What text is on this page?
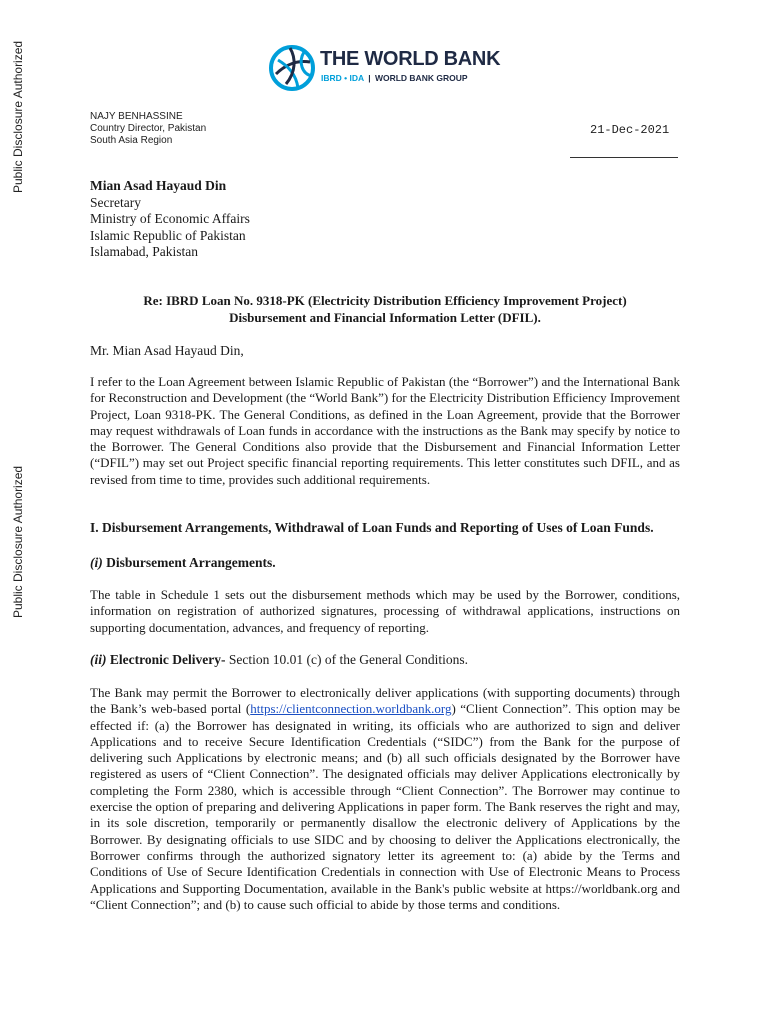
Public Disclosure Authorized
Public Disclosure Authorized
THE WORLD BANK
IBRD • IDA | WORLD BANK GROUP
NAJY BENHASSINE
Country Director, Pakistan
South Asia Region
21-Dec-2021
Mian Asad Hayaud Din
Secretary
Ministry of Economic Affairs
Islamic Republic of Pakistan
Islamabad, Pakistan
Re: IBRD Loan No. 9318-PK (Electricity Distribution Efficiency Improvement Project)
Disbursement and Financial Information Letter (DFIL).
Mr. Mian Asad Hayaud Din,
I refer to the Loan Agreement between Islamic Republic of Pakistan (the “Borrower”) and the International Bank for Reconstruction and Development (the “World Bank”) for the Electricity Distribution Efficiency Improvement Project, Loan 9318-PK. The General Conditions, as defined in the Loan Agreement, provide that the Borrower may request withdrawals of Loan funds in accordance with the instructions as the Bank may specify by notice to the Borrower. The General Conditions also provide that the Disbursement and Financial Information Letter (“DFIL”) may set out Project specific financial reporting requirements. This letter constitutes such DFIL, and as revised from time to time, provides such additional requirements.
I. Disbursement Arrangements, Withdrawal of Loan Funds and Reporting of Uses of Loan Funds.
(i) Disbursement Arrangements.
The table in Schedule 1 sets out the disbursement methods which may be used by the Borrower, conditions, information on registration of authorized signatures, processing of withdrawal applications, instructions on supporting documentation, advances, and frequency of reporting.
(ii) Electronic Delivery- Section 10.01 (c) of the General Conditions.
The Bank may permit the Borrower to electronically deliver applications (with supporting documents) through the Bank’s web-based portal (https://clientconnection.worldbank.org) “Client Connection”. This option may be effected if: (a) the Borrower has designated in writing, its officials who are authorized to sign and deliver Applications and to receive Secure Identification Credentials (“SIDC”) from the Bank for the purpose of delivering such Applications by electronic means; and (b) all such officials designated by the Borrower have registered as users of “Client Connection”. The designated officials may deliver Applications electronically by completing the Form 2380, which is accessible through “Client Connection”. The Borrower may continue to exercise the option of preparing and delivering Applications in paper form. The Bank reserves the right and may, in its sole discretion, temporarily or permanently disallow the electronic delivery of Applications by the Borrower. By designating officials to use SIDC and by choosing to deliver the Applications electronically, the Borrower confirms through the authorized signatory letter its agreement to: (a) abide by the Terms and Conditions of Use of Secure Identification Credentials in connection with Use of Electronic Means to Process Applications and Supporting Documentation, available in the Bank's public website at https://worldbank.org and “Client Connection”; and (b) to cause such official to abide by those terms and conditions.
